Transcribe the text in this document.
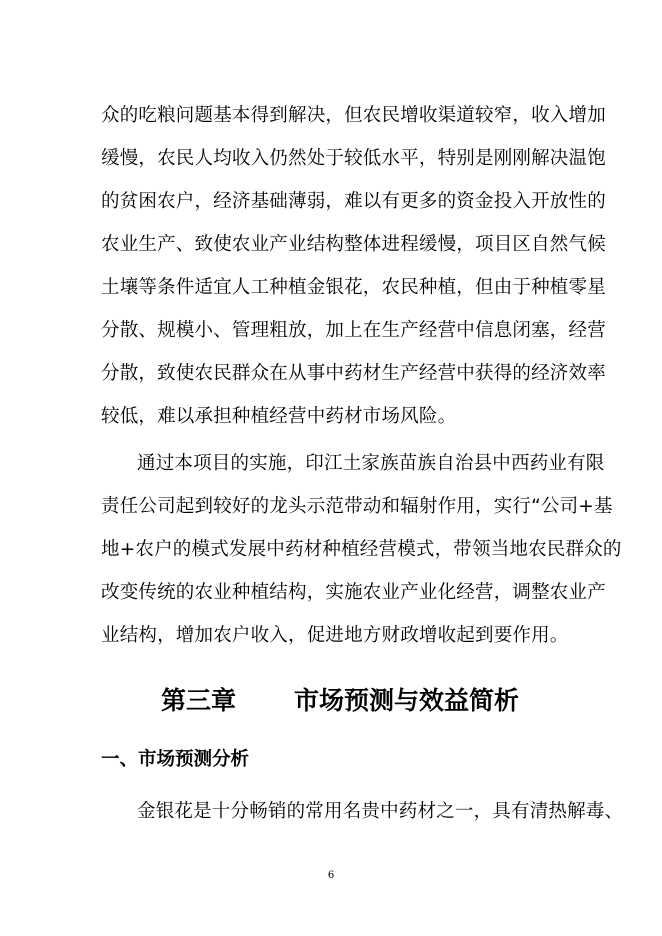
众的吃粮问题基本得到解决，但农民增收渠道较窄，收入增加
缓慢，农民人均收入仍然处于较低水平，特别是刚刚解决温饱
的贫困农户，经济基础薄弱，难以有更多的资金投入开放性的
农业生产、致使农业产业结构整体进程缓慢，项目区自然气候
土壤等条件适宜人工种植金银花，农民种植，但由于种植零星
分散、规模小、管理粗放，加上在生产经营中信息闭塞，经营
分散，致使农民群众在从事中药材生产经营中获得的经济效率
较低，难以承担种植经营中药材市场风险。
通过本项目的实施，印江土家族苗族自治县中西药业有限
责任公司起到较好的龙头示范带动和辐射作用，实行“公司+基
地+农户的模式发展中药材种植经营模式，带领当地农民群众的
改变传统的农业种植结构，实施农业产业化经营，调整农业产
业结构，增加农户收入，促进地方财政增收起到要作用。
第三章 市场预测与效益简析
一、市场预测分析
金银花是十分畅销的常用名贵中药材之一，具有清热解毒、
6
